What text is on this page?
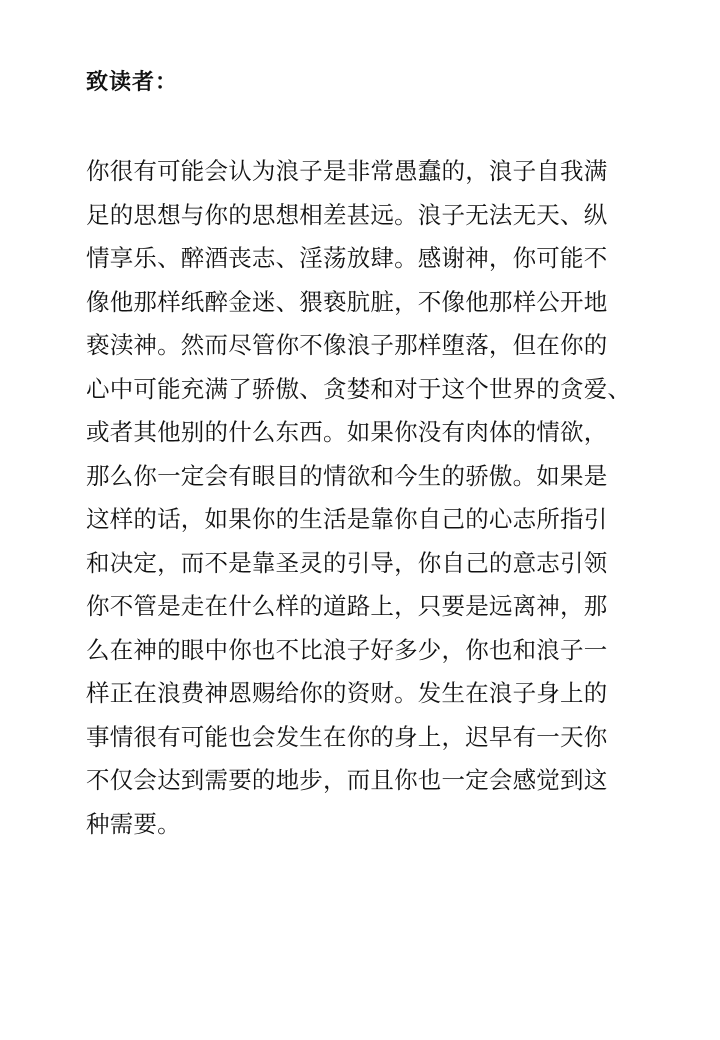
致读者：
你很有可能会认为浪子是非常愚蠢的，浪子自我满
足的思想与你的思想相差甚远。浪子无法无天、纵
情享乐、醉酒丧志、淫荡放肆。感谢神，你可能不
像他那样纸醉金迷、猥亵肮脏，不像他那样公开地
亵渎神。然而尽管你不像浪子那样堕落，但在你的
心中可能充满了骄傲、贪婪和对于这个世界的贪爱、
或者其他别的什么东西。如果你没有肉体的情欲，
那么你一定会有眼目的情欲和今生的骄傲。如果是
这样的话，如果你的生活是靠你自己的心志所指引
和决定，而不是靠圣灵的引导，你自己的意志引领
你不管是走在什么样的道路上，只要是远离神，那
么在神的眼中你也不比浪子好多少，你也和浪子一
样正在浪费神恩赐给你的资财。发生在浪子身上的
事情很有可能也会发生在你的身上，迟早有一天你
不仅会达到需要的地步，而且你也一定会感觉到这
种需要。
